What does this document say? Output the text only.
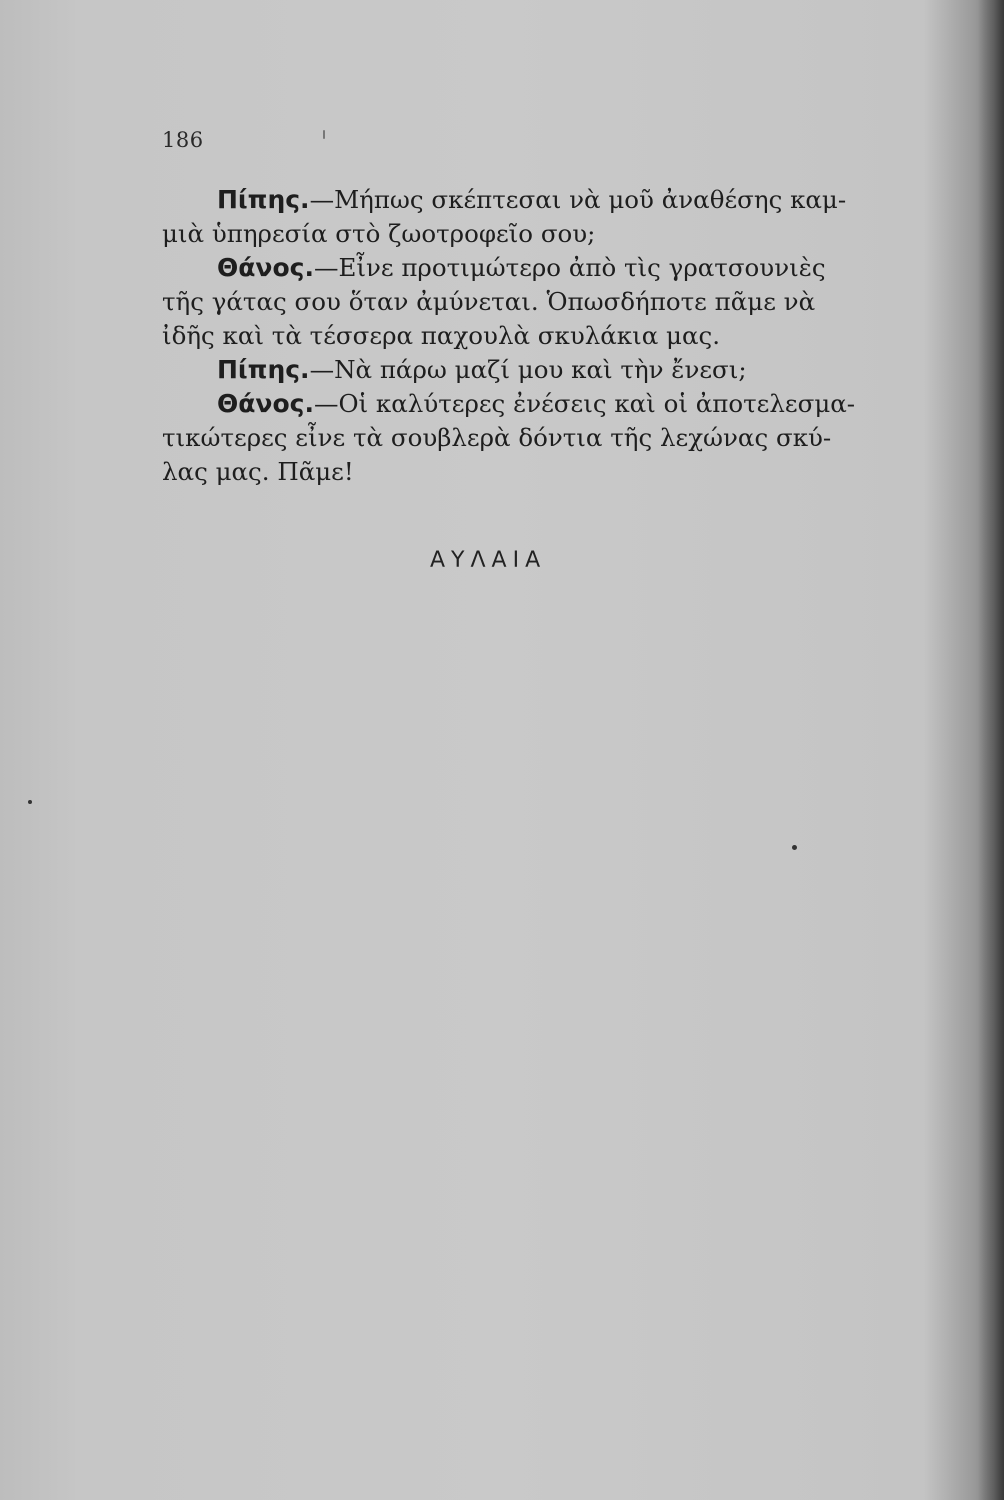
186
Πίπης.—Μήπως σκέπτεσαι νὰ μοῦ ἀναθέσης καμ-
μιὰ ὑπηρεσία στὸ ζωοτροφεῖο σου;
Θάνος.—Εἶνε προτιμώτερο ἀπὸ τὶς γρατσουνιὲς
τῆς γάτας σου ὅταν ἀμύνεται. Ὁπωσδήποτε πᾶμε νὰ
ἰδῆς καὶ τὰ τέσσερα παχουλὰ σκυλάκια μας.
Πίπης.—Νὰ πάρω μαζί μου καὶ τὴν ἔνεσι;
Θάνος.—Οἱ καλύτερες ἐνέσεις καὶ οἱ ἀποτελεσμα-
τικώτερες εἶνε τὰ σουβλερὰ δόντια τῆς λεχώνας σκύ-
λας μας. Πᾶμε!
ΑΥΛΑΙΑ
